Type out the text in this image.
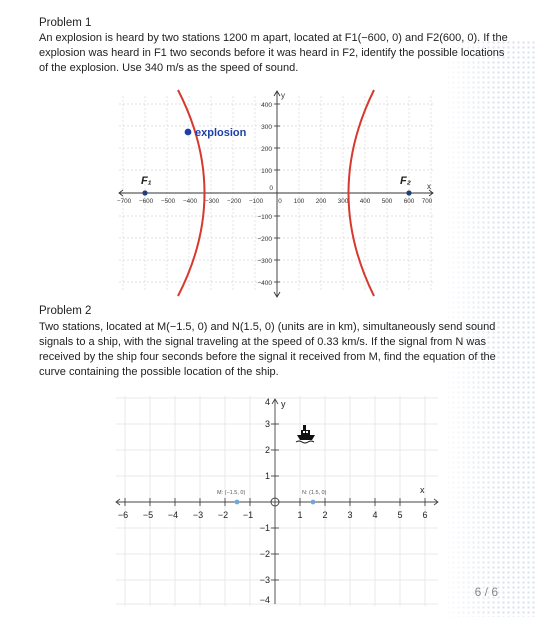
Problem 1
An explosion is heard by two stations 1200 m apart, located at F1(−600, 0) and F2(600, 0). If the explosion was heard in F1 two seconds before it was heard in F2, identify the possible locations of the explosion. Use 340 m/s as the speed of sound.
F₁	F₂
explosion
y
x
400
300
200
100
0
−100
−200
−300
−400
−700 −600 −500 −400 −300 −200 −100 0 100 200 300 400 500 600 700
Problem 2
Two stations, located at M(−1.5, 0) and N(1.5, 0) (units are in km), simultaneously send sound signals to a ship, with the signal traveling at the speed of 0.33 km/s. If the signal from N was received by the ship four seconds before the signal it received from M, find the equation of the curve containing the possible location of the ship.
M: (−1.5, 0)	N: (1.5, 0)
y
x
−6 −5 −4 −3 −2 −1	1 2 3 4 5 6
4
3
2
1
−1
−2
−3
−4
6 / 6
